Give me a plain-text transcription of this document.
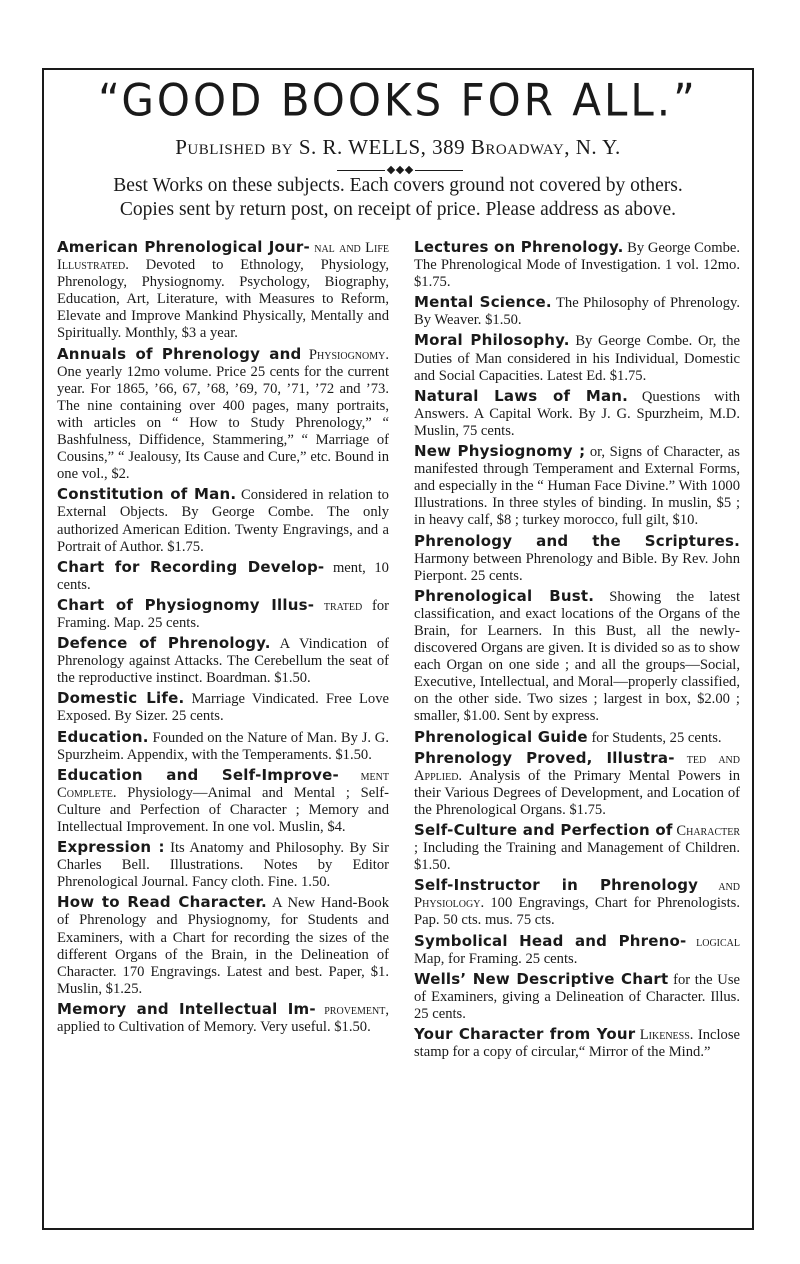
“GOOD BOOKS FOR ALL.”
Published by S. R. WELLS, 389 Broadway, N. Y.
Best Works on these subjects. Each covers ground not covered by others.
Copies sent by return post, on receipt of price. Please address as above.
American Phrenological Jour- nal and Life Illustrated. Devoted to Ethnology, Physiology, Phrenology, Physiognomy. Psychology, Biography, Education, Art, Literature, with Measures to Reform, Elevate and Improve Mankind Physically, Mentally and Spiritually. Monthly, $3 a year.
Annuals of Phrenology and Physiognomy. One yearly 12mo volume. Price 25 cents for the current year. For 1865, ’66, 67, ’68, ’69, 70, ’71, ’72 and ’73. The nine containing over 400 pages, many portraits, with articles on “ How to Study Phrenology,” “ Bashfulness, Diffidence, Stammering,” “ Marriage of Cousins,” “ Jealousy, Its Cause and Cure,” etc. Bound in one vol., $2.
Constitution of Man. Considered in relation to External Objects. By George Combe. The only authorized American Edition. Twenty Engravings, and a Portrait of Author. $1.75.
Chart for Recording Develop- ment, 10 cents.
Chart of Physiognomy Illus- trated for Framing. Map. 25 cents.
Defence of Phrenology. A Vindication of Phrenology against Attacks. The Cerebellum the seat of the reproductive instinct. Boardman. $1.50.
Domestic Life. Marriage Vindicated. Free Love Exposed. By Sizer. 25 cents.
Education. Founded on the Nature of Man. By J. G. Spurzheim. Appendix, with the Temperaments. $1.50.
Education and Self-Improve- ment Complete. Physiology—Animal and Mental ; Self-Culture and Perfection of Character ; Memory and Intellectual Improvement. In one vol. Muslin, $4.
Expression : Its Anatomy and Philosophy. By Sir Charles Bell. Illustrations. Notes by Editor Phrenological Journal. Fancy cloth. Fine. 1.50.
How to Read Character. A New Hand-Book of Phrenology and Physiognomy, for Students and Examiners, with a Chart for recording the sizes of the different Organs of the Brain, in the Delineation of Character. 170 Engravings. Latest and best. Paper, $1. Muslin, $1.25.
Memory and Intellectual Im- provement, applied to Cultivation of Memory. Very useful. $1.50.
Lectures on Phrenology. By George Combe. The Phrenological Mode of Investigation. 1 vol. 12mo. $1.75.
Mental Science. The Philosophy of Phrenology. By Weaver. $1.50.
Moral Philosophy. By George Combe. Or, the Duties of Man considered in his Individual, Domestic and Social Capacities. Latest Ed. $1.75.
Natural Laws of Man. Questions with Answers. A Capital Work. By J. G. Spurzheim, M.D. Muslin, 75 cents.
New Physiognomy ; or, Signs of Character, as manifested through Temperament and External Forms, and especially in the “ Human Face Divine.” With 1000 Illustrations. In three styles of binding. In muslin, $5 ; in heavy calf, $8 ; turkey morocco, full gilt, $10.
Phrenology and the Scriptures. Harmony between Phrenology and Bible. By Rev. John Pierpont. 25 cents.
Phrenological Bust. Showing the latest classification, and exact locations of the Organs of the Brain, for Learners. In this Bust, all the newly-discovered Organs are given. It is divided so as to show each Organ on one side ; and all the groups—Social, Executive, Intellectual, and Moral—properly classified, on the other side. Two sizes ; largest in box, $2.00 ; smaller, $1.00. Sent by express.
Phrenological Guide for Students, 25 cents.
Phrenology Proved, Illustra- ted and Applied. Analysis of the Primary Mental Powers in their Various Degrees of Development, and Location of the Phrenological Organs. $1.75.
Self-Culture and Perfection of Character ; Including the Training and Management of Children. $1.50.
Self-Instructor in Phrenology and Physiology. 100 Engravings, Chart for Phrenologists. Pap. 50 cts. mus. 75 cts.
Symbolical Head and Phreno- logical Map, for Framing. 25 cents.
Wells’ New Descriptive Chart for the Use of Examiners, giving a Delineation of Character. Illus. 25 cents.
Your Character from Your Likeness. Inclose stamp for a copy of circular,“ Mirror of the Mind.”
